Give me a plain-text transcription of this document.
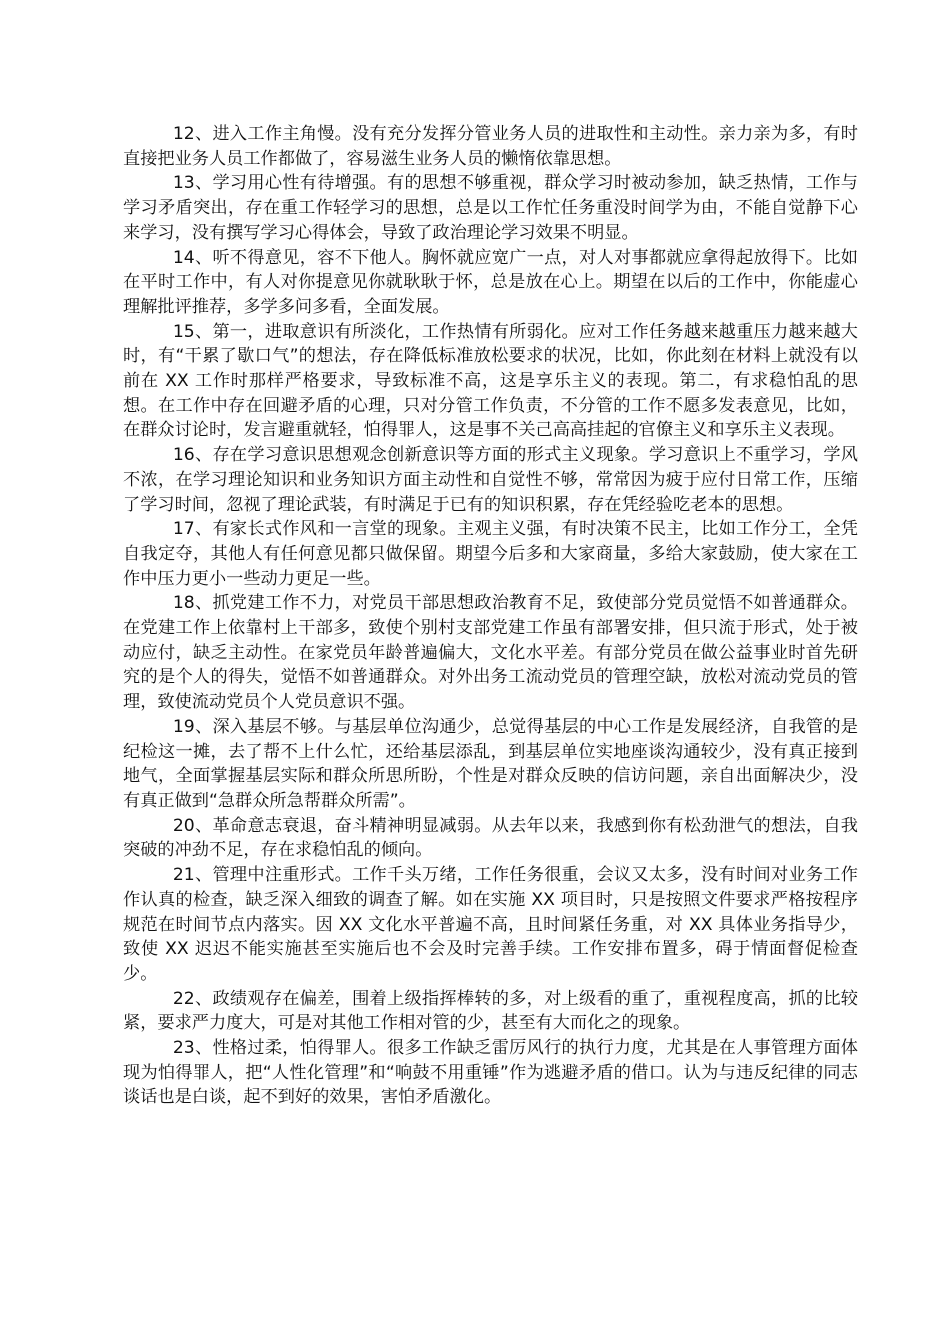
12、进入工作主角慢。没有充分发挥分管业务人员的进取性和主动性。亲力亲为多，有时直接把业务人员工作都做了，容易滋生业务人员的懒惰依靠思想。

13、学习用心性有待增强。有的思想不够重视，群众学习时被动参加，缺乏热情，工作与学习矛盾突出，存在重工作轻学习的思想，总是以工作忙任务重没时间学为由，不能自觉静下心来学习，没有撰写学习心得体会，导致了政治理论学习效果不明显。

14、听不得意见，容不下他人。胸怀就应宽广一点，对人对事都就应拿得起放得下。比如在平时工作中，有人对你提意见你就耿耿于怀，总是放在心上。期望在以后的工作中，你能虚心理解批评推荐，多学多问多看，全面发展。

15、第一，进取意识有所淡化，工作热情有所弱化。应对工作任务越来越重压力越来越大时，有“干累了歇口气”的想法，存在降低标准放松要求的状况，比如，你此刻在材料上就没有以前在 XX 工作时那样严格要求，导致标准不高，这是享乐主义的表现。第二，有求稳怕乱的思想。在工作中存在回避矛盾的心理，只对分管工作负责，不分管的工作不愿多发表意见，比如，在群众讨论时，发言避重就轻，怕得罪人，这是事不关己高高挂起的官僚主义和享乐主义表现。

16、存在学习意识思想观念创新意识等方面的形式主义现象。学习意识上不重学习，学风不浓，在学习理论知识和业务知识方面主动性和自觉性不够，常常因为疲于应付日常工作，压缩了学习时间，忽视了理论武装，有时满足于已有的知识积累，存在凭经验吃老本的思想。

17、有家长式作风和一言堂的现象。主观主义强，有时决策不民主，比如工作分工，全凭自我定夺，其他人有任何意见都只做保留。期望今后多和大家商量，多给大家鼓励，使大家在工作中压力更小一些动力更足一些。

18、抓党建工作不力，对党员干部思想政治教育不足，致使部分党员觉悟不如普通群众。在党建工作上依靠村上干部多，致使个别村支部党建工作虽有部署安排，但只流于形式，处于被动应付，缺乏主动性。在家党员年龄普遍偏大，文化水平差。有部分党员在做公益事业时首先研究的是个人的得失，觉悟不如普通群众。对外出务工流动党员的管理空缺，放松对流动党员的管理，致使流动党员个人党员意识不强。

19、深入基层不够。与基层单位沟通少，总觉得基层的中心工作是发展经济，自我管的是纪检这一摊，去了帮不上什么忙，还给基层添乱，到基层单位实地座谈沟通较少，没有真正接到地气，全面掌握基层实际和群众所思所盼，个性是对群众反映的信访问题，亲自出面解决少，没有真正做到“急群众所急帮群众所需”。

20、革命意志衰退，奋斗精神明显减弱。从去年以来，我感到你有松劲泄气的想法，自我突破的冲劲不足，存在求稳怕乱的倾向。

21、管理中注重形式。工作千头万绪，工作任务很重，会议又太多，没有时间对业务工作作认真的检查，缺乏深入细致的调查了解。如在实施 XX 项目时，只是按照文件要求严格按程序规范在时间节点内落实。因 XX 文化水平普遍不高，且时间紧任务重，对 XX 具体业务指导少，致使 XX 迟迟不能实施甚至实施后也不会及时完善手续。工作安排布置多，碍于情面督促检查少。

22、政绩观存在偏差，围着上级指挥棒转的多，对上级看的重了，重视程度高，抓的比较紧，要求严力度大，可是对其他工作相对管的少，甚至有大而化之的现象。

23、性格过柔，怕得罪人。很多工作缺乏雷厉风行的执行力度，尤其是在人事管理方面体现为怕得罪人，把“人性化管理”和“响鼓不用重锤”作为逃避矛盾的借口。认为与违反纪律的同志谈话也是白谈，起不到好的效果，害怕矛盾激化。
